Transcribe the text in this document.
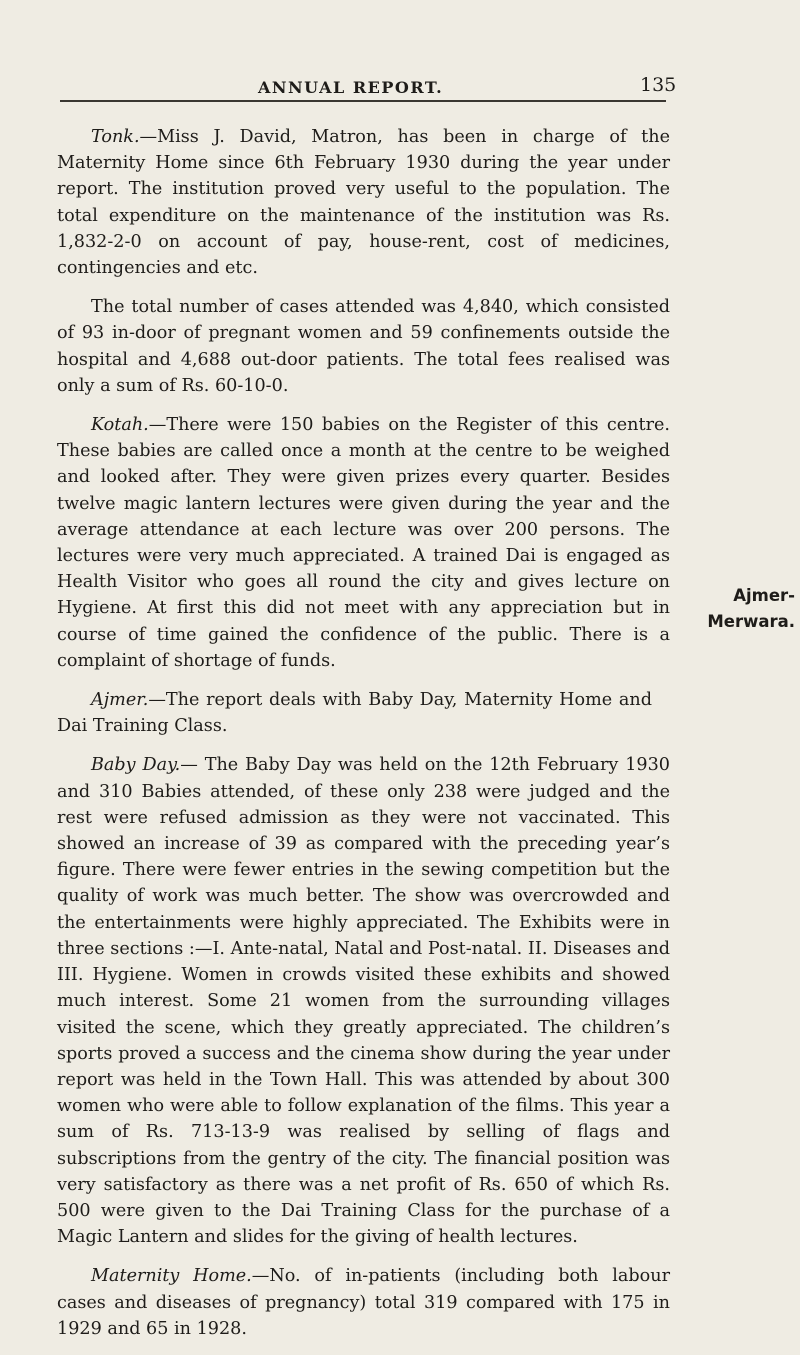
ANNUAL REPORT.	135

Tonk.—Miss J. David, Matron, has been in charge of the Maternity Home since 6th February 1930 during the year under report. The institution proved very useful to the population. The total expenditure on the maintenance of the institution was Rs. 1,832-2-0 on account of pay, house-rent, cost of medicines, contingencies and etc.

The total number of cases attended was 4,840, which consisted of 93 in-door of pregnant women and 59 confinements outside the hospital and 4,688 out-door patients. The total fees realised was only a sum of Rs. 60-10-0.

Kotah.—There were 150 babies on the Register of this centre. These babies are called once a month at the centre to be weighed and looked after. They were given prizes every quarter. Besides twelve magic lantern lectures were given during the year and the average attendance at each lecture was over 200 persons. The lectures were very much appreciated. A trained Dai is engaged as Health Visitor who goes all round the city and gives lecture on Hygiene. At first this did not meet with any appreciation but in course of time gained the confidence of the public. There is a complaint of shortage of funds.

Ajmer.—The report deals with Baby Day, Maternity Home and Dai Training Class.

Baby Day.— The Baby Day was held on the 12th February 1930 and 310 Babies attended, of these only 238 were judged and the rest were refused admission as they were not vaccinated. This showed an increase of 39 as compared with the preceding year’s figure. There were fewer entries in the sewing competition but the quality of work was much better. The show was overcrowded and the entertainments were highly appreciated. The Exhibits were in three sections :—I. Ante-natal, Natal and Post-natal. II. Diseases and III. Hygiene. Women in crowds visited these exhibits and showed much interest. Some 21 women from the surrounding villages visited the scene, which they greatly appreciated. The children’s sports proved a success and the cinema show during the year under report was held in the Town Hall. This was attended by about 300 women who were able to follow explanation of the films. This year a sum of Rs. 713-13-9 was realised by selling of flags and subscriptions from the gentry of the city. The financial position was very satisfactory as there was a net profit of Rs. 650 of which Rs. 500 were given to the Dai Training Class for the purchase of a Magic Lantern and slides for the giving of health lectures.

Maternity Home.—No. of in-patients (including both labour cases and diseases of pregnancy) total 319 compared with 175 in 1929 and 65 in 1928.

Ajmer-
Merwara.
